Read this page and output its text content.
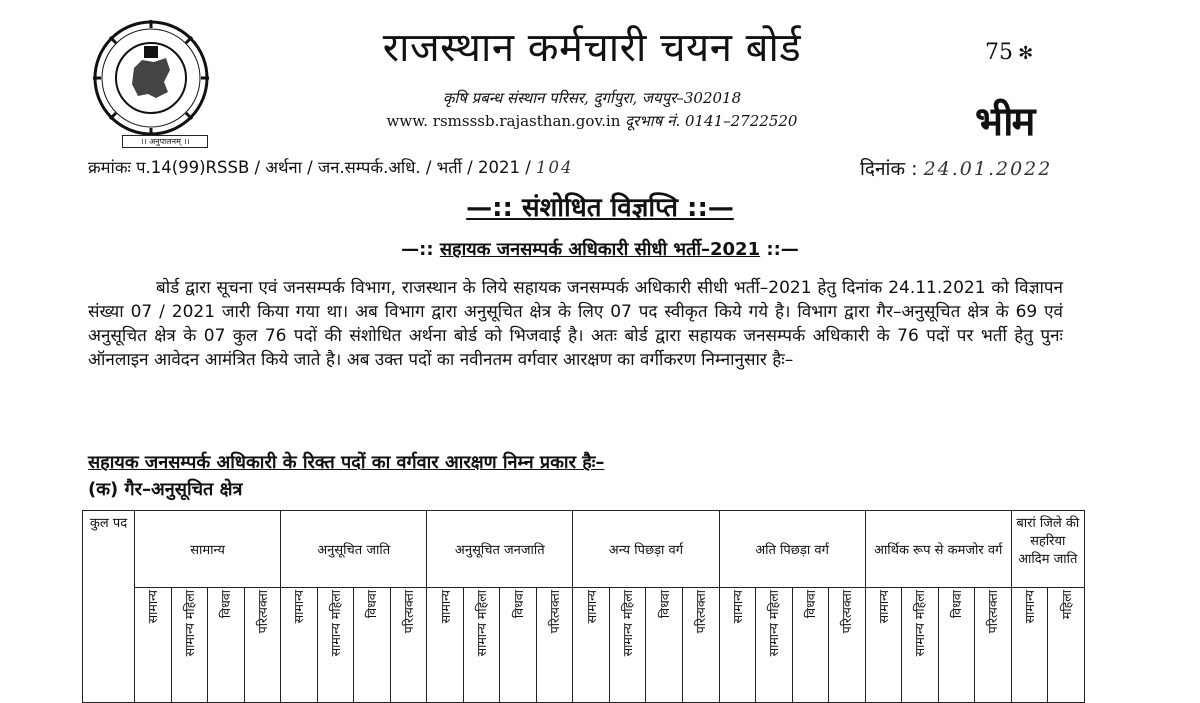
।। अनुपालनम् ।।
राजस्थान कर्मचारी चयन बोर्ड
कृषि प्रबन्ध संस्थान परिसर, दुर्गापुरा, जयपुर–302018
www. rsmsssb.rajasthan.gov.in दूरभाष नं. 0141–2722520
75 ✻
भीम
क्रमांकः प.14(99)RSSB / अर्थना / जन.सम्पर्क.अधि. / भर्ती / 2021 / 104	दिनांक : 24.01.2022
—:: संशोधित विज्ञप्ति ::—
—:: सहायक जनसम्पर्क अधिकारी सीधी भर्ती–2021 ::—
बोर्ड द्वारा सूचना एवं जनसम्पर्क विभाग, राजस्थान के लिये सहायक जनसम्पर्क अधिकारी सीधी भर्ती–2021 हेतु दिनांक 24.11.2021 को विज्ञापन संख्या 07 / 2021 जारी किया गया था। अब विभाग द्वारा अनुसूचित क्षेत्र के लिए 07 पद स्वीकृत किये गये है। विभाग द्वारा गैर–अनुसूचित क्षेत्र के 69 एवं अनुसूचित क्षेत्र के 07 कुल 76 पदों की संशोधित अर्थना बोर्ड को भिजवाई है। अतः बोर्ड द्वारा सहायक जनसम्पर्क अधिकारी के 76 पदों पर भर्ती हेतु पुनः ऑनलाइन आवेदन आमंत्रित किये जाते है। अब उक्त पदों का नवीनतम वर्गवार आरक्षण का वर्गीकरण निम्नानुसार हैः–
सहायक जनसम्पर्क अधिकारी के रिक्त पदों का वर्गवार आरक्षण निम्न प्रकार हैः–
(क) गैर–अनुसूचित क्षेत्र
कुल पद	सामान्य				अनुसूचित जाति				अनुसूचित जनजाति				अन्य पिछड़ा वर्ग				अति पिछड़ा वर्ग				आर्थिक रूप से कमजोर वर्ग				बारां जिले की सहरिया आदिम जाति	
	सामान्य	सामान्य महिला	विधवा	परित्यक्ता	सामान्य	सामान्य महिला	विधवा	परित्यक्ता	सामान्य	सामान्य महिला	विधवा	परित्यक्ता	सामान्य	सामान्य महिला	विधवा	परित्यक्ता	सामान्य	सामान्य महिला	विधवा	परित्यक्ता	सामान्य	सामान्य महिला	विधवा	परित्यक्ता	सामान्य	महिला
